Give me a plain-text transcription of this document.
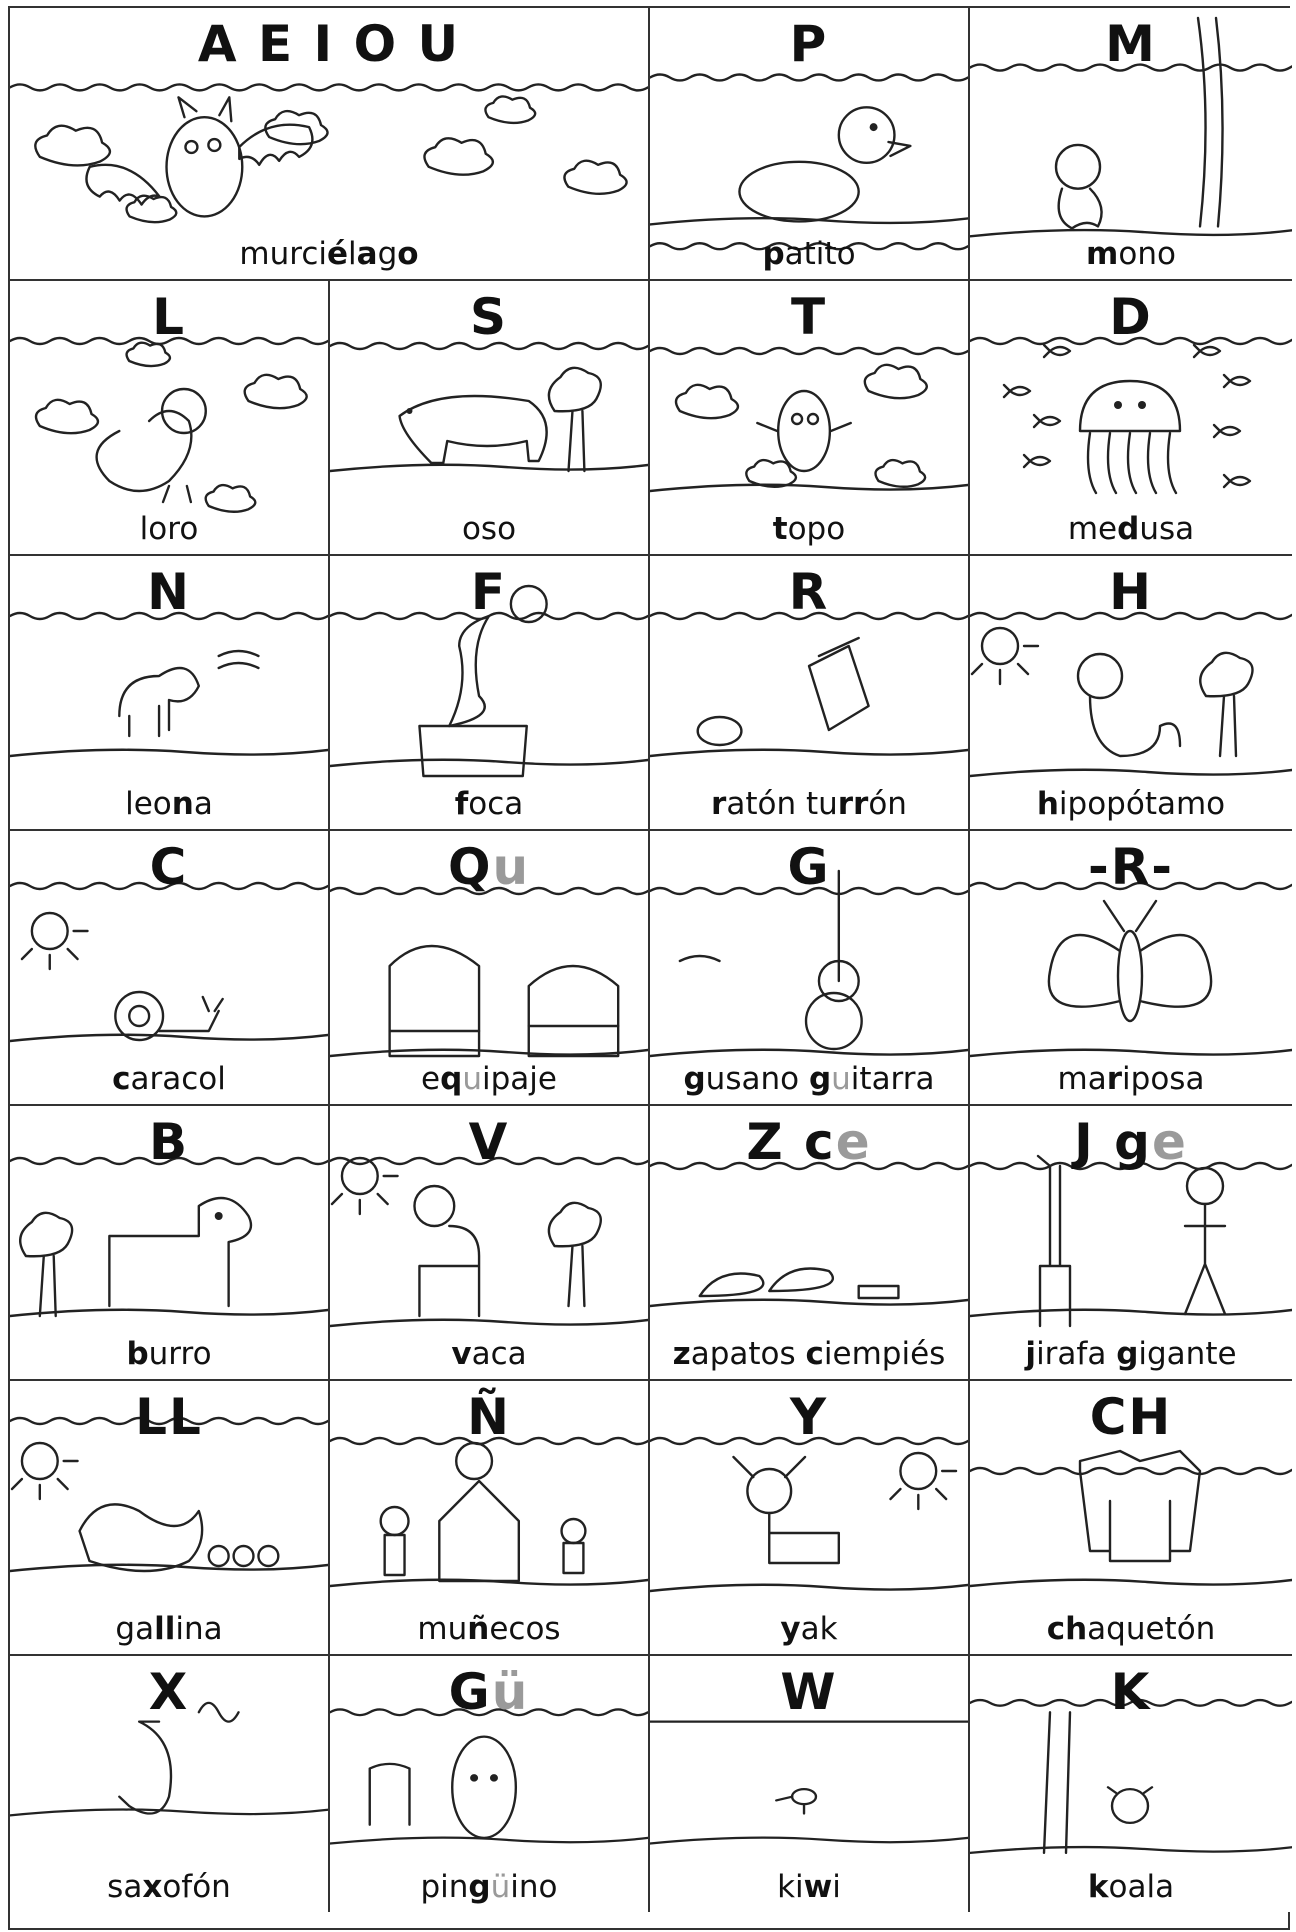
A E I O U
murciélago
P
patito
M
mono
L
loro
S
oso
T
topo
D
medusa
N
leona
F
foca
R
ratón turrón
H
hipopótamo
C
caracol
Qu
equipaje
G
gusano guitarra
-R-
mariposa
B
burro
V
vaca
Z ce
zapatos ciempiés
J ge
jirafa gigante
LL
gallina
Ñ
muñecos
Y
yak
CH
chaquetón
X
saxofón
Gü
pingüino
W
kiwi
K
koala
